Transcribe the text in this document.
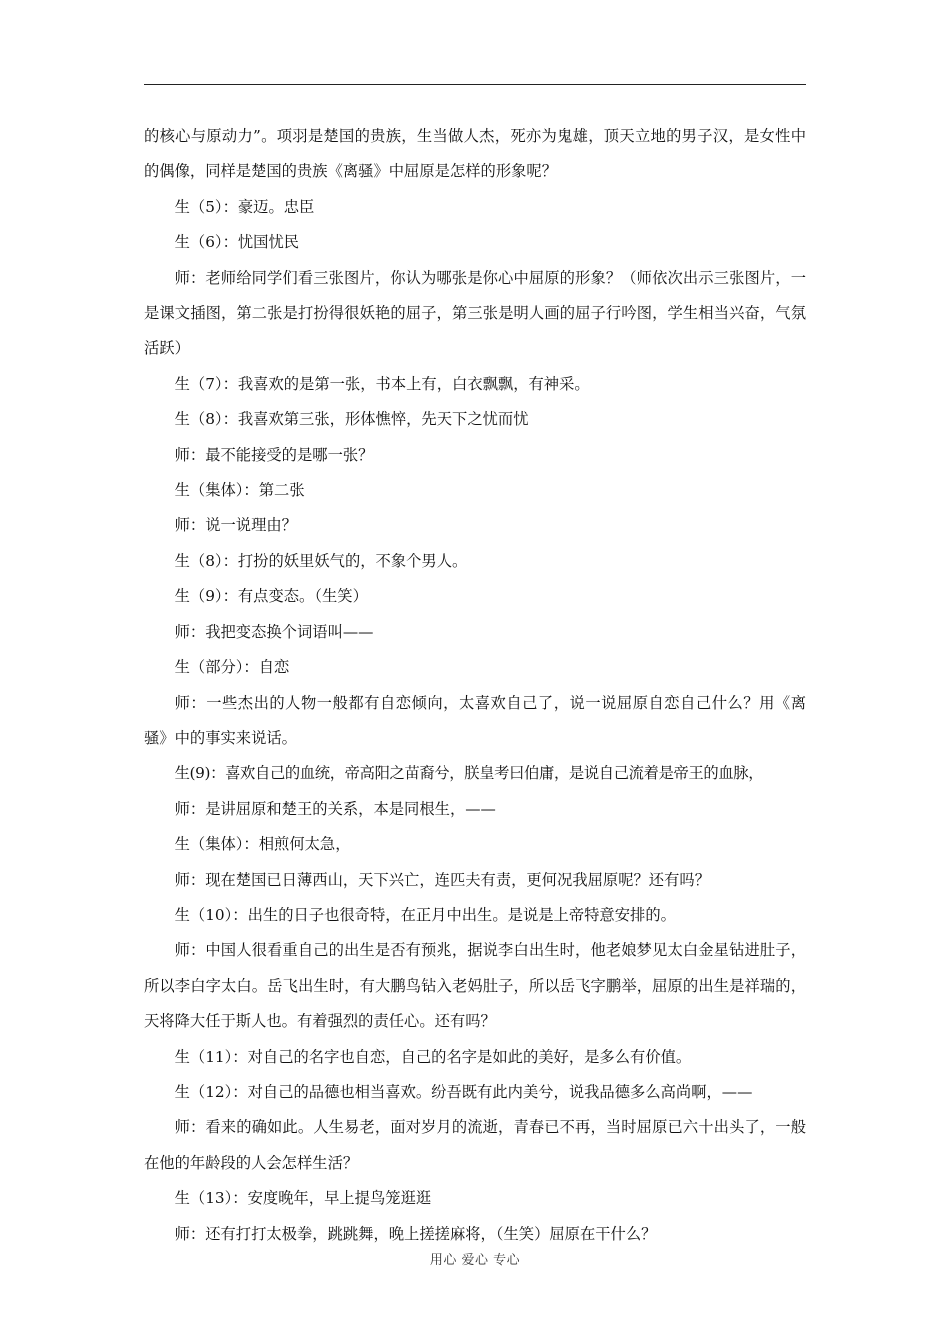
的核心与原动力”。项羽是楚国的贵族，生当做人杰，死亦为鬼雄，顶天立地的男子汉，是女性中的偶像，同样是楚国的贵族《离骚》中屈原是怎样的形象呢？

生（5）：豪迈。忠臣

生（6）：忧国忧民

师：老师给同学们看三张图片，你认为哪张是你心中屈原的形象？（师依次出示三张图片，一是课文插图，第二张是打扮得很妖艳的屈子，第三张是明人画的屈子行吟图，学生相当兴奋，气氛活跃）

生（7）：我喜欢的是第一张，书本上有，白衣飘飘，有神采。

生（8）：我喜欢第三张，形体憔悴，先天下之忧而忧

师：最不能接受的是哪一张？

生（集体）：第二张

师：说一说理由？

生（8）：打扮的妖里妖气的，不象个男人。

生（9）：有点变态。（生笑）

师：我把变态换个词语叫——

生（部分）：自恋

师：一些杰出的人物一般都有自恋倾向，太喜欢自己了，说一说屈原自恋自己什么？用《离骚》中的事实来说话。

生(9)：喜欢自己的血统，帝高阳之苗裔兮，朕皇考曰伯庸，是说自己流着是帝王的血脉，

师：是讲屈原和楚王的关系，本是同根生，——

生（集体）：相煎何太急，

师：现在楚国已日薄西山，天下兴亡，连匹夫有责，更何况我屈原呢？还有吗？

生（10）：出生的日子也很奇特，在正月中出生。是说是上帝特意安排的。

师：中国人很看重自己的出生是否有预兆，据说李白出生时，他老娘梦见太白金星钻进肚子，所以李白字太白。岳飞出生时，有大鹏鸟钻入老妈肚子，所以岳飞字鹏举，屈原的出生是祥瑞的，天将降大任于斯人也。有着强烈的责任心。还有吗？

生（11）：对自己的名字也自恋，自己的名字是如此的美好，是多么有价值。

生（12）：对自己的品德也相当喜欢。纷吾既有此内美兮，说我品德多么高尚啊，——

师：看来的确如此。人生易老，面对岁月的流逝，青春已不再，当时屈原已六十出头了，一般在他的年龄段的人会怎样生活？

生（13）：安度晚年，早上提鸟笼逛逛

师：还有打打太极拳，跳跳舞，晚上搓搓麻将，（生笑）屈原在干什么？

用心 爱心 专心
